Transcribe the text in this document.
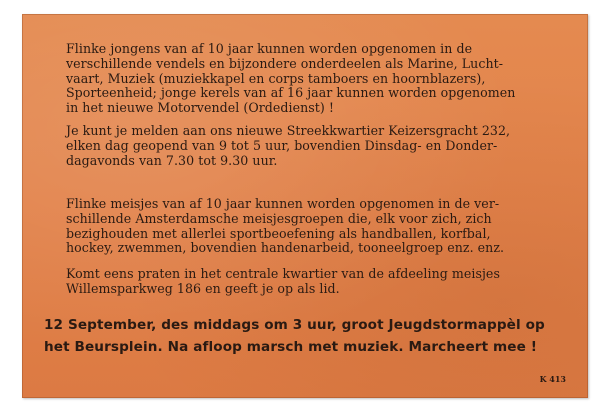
Flinke jongens van af 10 jaar kunnen worden opgenomen in de
verschillende vendels en bijzondere onderdeelen als Marine, Lucht-
vaart, Muziek (muziekkapel en corps tamboers en hoornblazers),
Sporteenheid; jonge kerels van af 16 jaar kunnen worden opgenomen
in het nieuwe Motorvendel (Ordedienst) !
Je kunt je melden aan ons nieuwe Streekkwartier Keizersgracht 232,
elken dag geopend van 9 tot 5 uur, bovendien Dinsdag- en Donder-
dagavonds van 7.30 tot 9.30 uur.
Flinke meisjes van af 10 jaar kunnen worden opgenomen in de ver-
schillende Amsterdamsche meisjesgroepen die, elk voor zich, zich
bezighouden met allerlei sportbeoefening als handballen, korfbal,
hockey, zwemmen, bovendien handenarbeid, tooneelgroep enz. enz.
Komt eens praten in het centrale kwartier van de afdeeling meisjes
Willemsparkweg 186 en geeft je op als lid.
12 September, des middags om 3 uur, groot Jeugdstormappèl op
het Beursplein. Na afloop marsch met muziek. Marcheert mee !
K 413
